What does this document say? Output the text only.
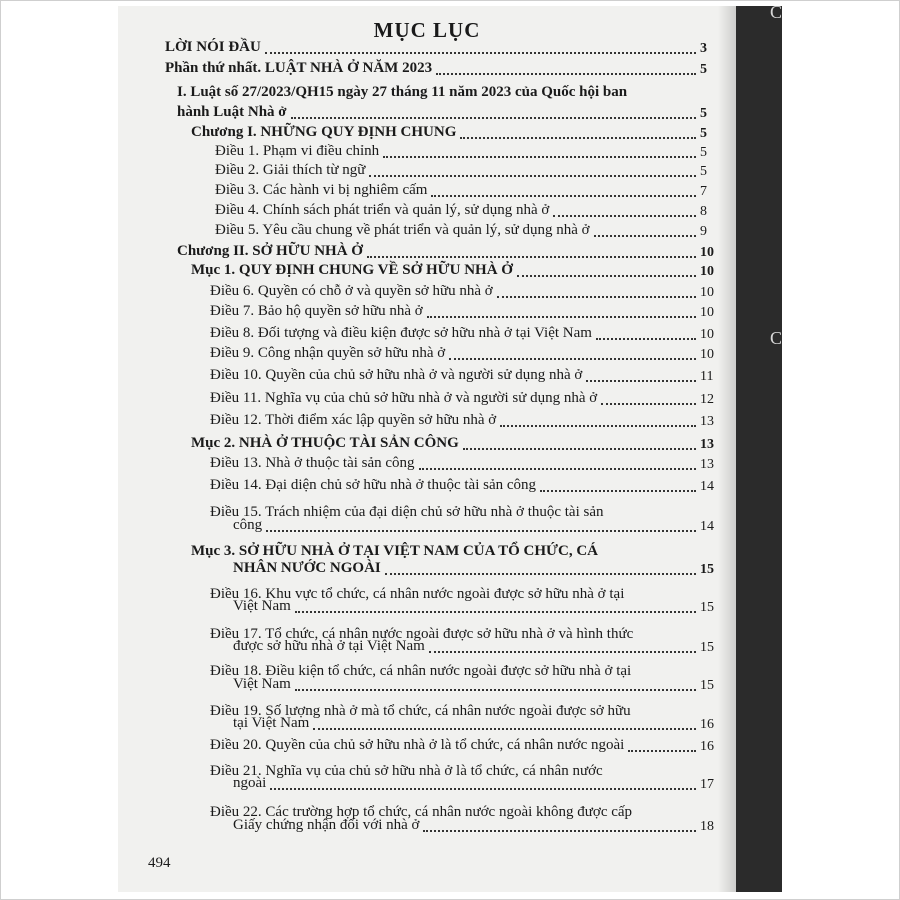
C
C
MỤC LỤC
LỜI NÓI ĐẦU	3
Phần thứ nhất. LUẬT NHÀ Ở NĂM 2023	5
I. Luật số 27/2023/QH15 ngày 27 tháng 11 năm 2023 của Quốc hội ban
hành Luật Nhà ở	5
Chương I. NHỮNG QUY ĐỊNH CHUNG	5
Điều 1. Phạm vi điều chỉnh	5
Điều 2. Giải thích từ ngữ	5
Điều 3. Các hành vi bị nghiêm cấm	7
Điều 4. Chính sách phát triển và quản lý, sử dụng nhà ở	8
Điều 5. Yêu cầu chung về phát triển và quản lý, sử dụng nhà ở	9
Chương II. SỞ HỮU NHÀ Ở	10
Mục 1. QUY ĐỊNH CHUNG VỀ SỞ HỮU NHÀ Ở	10
Điều 6. Quyền có chỗ ở và quyền sở hữu nhà ở	10
Điều 7. Bảo hộ quyền sở hữu nhà ở	10
Điều 8. Đối tượng và điều kiện được sở hữu nhà ở tại Việt Nam	10
Điều 9. Công nhận quyền sở hữu nhà ở	10
Điều 10. Quyền của chủ sở hữu nhà ở và người sử dụng nhà ở	11
Điều 11. Nghĩa vụ của chủ sở hữu nhà ở và người sử dụng nhà ở	12
Điều 12. Thời điểm xác lập quyền sở hữu nhà ở	13
Mục 2. NHÀ Ở THUỘC TÀI SẢN CÔNG	13
Điều 13. Nhà ở thuộc tài sản công	13
Điều 14. Đại diện chủ sở hữu nhà ở thuộc tài sản công	14
Điều 15. Trách nhiệm của đại diện chủ sở hữu nhà ở thuộc tài sản
công	14
Mục 3. SỞ HỮU NHÀ Ở TẠI VIỆT NAM CỦA TỔ CHỨC, CÁ
NHÂN NƯỚC NGOÀI	15
Điều 16. Khu vực tổ chức, cá nhân nước ngoài được sở hữu nhà ở tại
Việt Nam	15
Điều 17. Tổ chức, cá nhân nước ngoài được sở hữu nhà ở và hình thức
được sở hữu nhà ở tại Việt Nam	15
Điều 18. Điều kiện tổ chức, cá nhân nước ngoài được sở hữu nhà ở tại
Việt Nam	15
Điều 19. Số lượng nhà ở mà tổ chức, cá nhân nước ngoài được sở hữu
tại Việt Nam	16
Điều 20. Quyền của chủ sở hữu nhà ở là tổ chức, cá nhân nước ngoài	16
Điều 21. Nghĩa vụ của chủ sở hữu nhà ở là tổ chức, cá nhân nước
ngoài	17
Điều 22. Các trường hợp tổ chức, cá nhân nước ngoài không được cấp
Giấy chứng nhận đối với nhà ở	18
494
